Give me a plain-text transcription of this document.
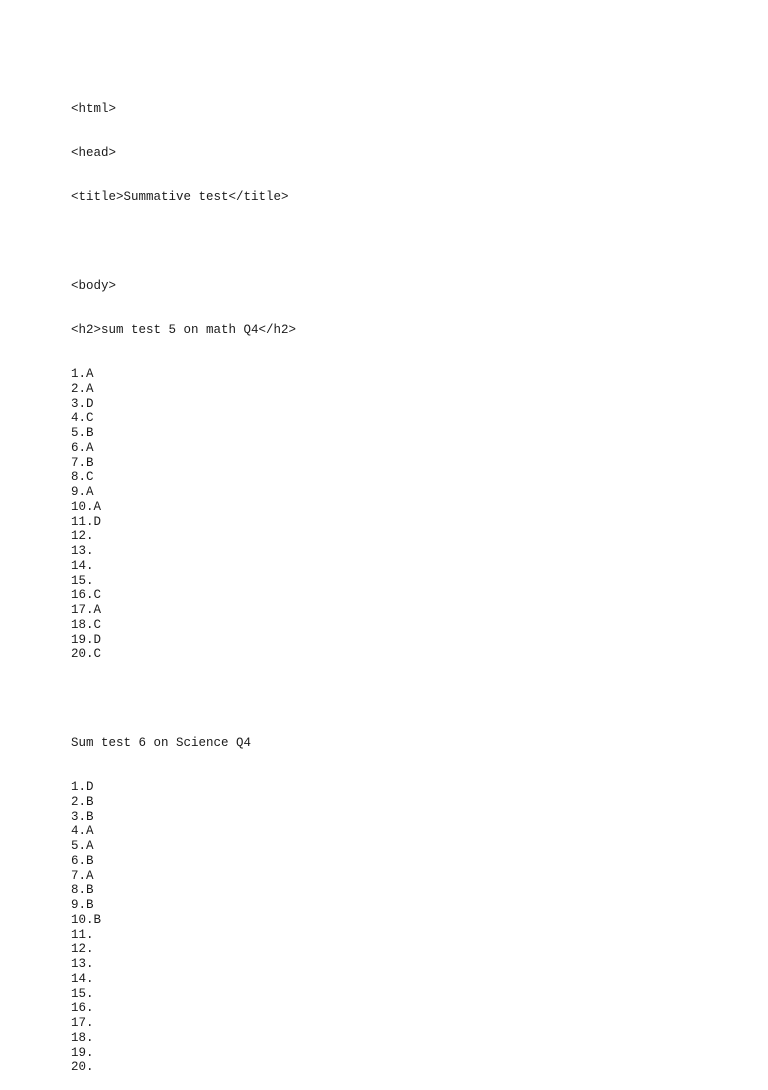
<html>

<head>

<title>Summative test</title>

<body>

<h2>sum test 5 on math Q4</h2>

1.A
2.A
3.D
4.C
5.B
6.A
7.B
8.C
9.A
10.A
11.D
12.
13.
14.
15.
16.C
17.A
18.C
19.D
20.C

Sum test 6 on Science Q4

1.D
2.B
3.B
4.A
5.A
6.B
7.A
8.B
9.B
10.B
11.
12.
13.
14.
15.
16.
17.
18.
19.
20.
